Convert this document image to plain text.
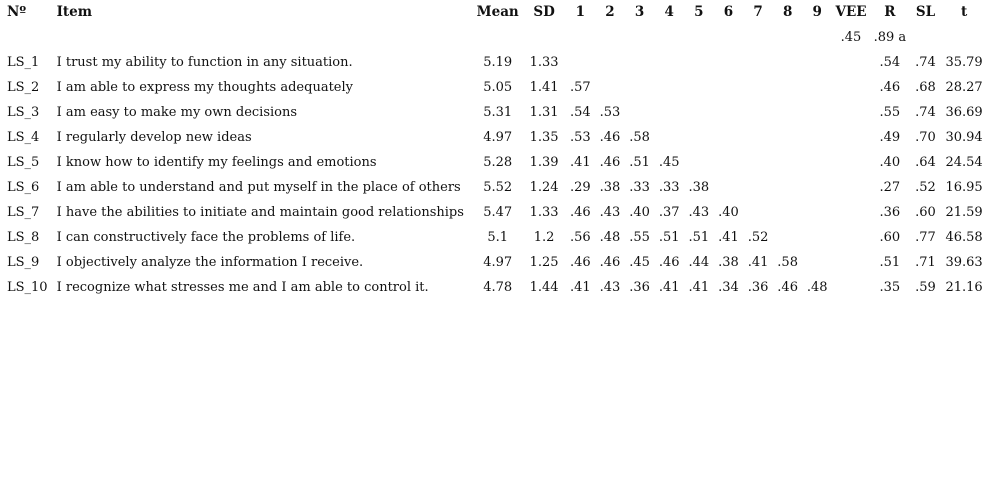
Nº	Item	Mean	SD	1	2	3	4	5	6	7	8	9	VEE	R	SL	t
													.45	.89 a		
LS_1	I trust my ability to function in any situation.	5.19	1.33											.54	.74	35.79
LS_2	I am able to express my thoughts adequately	5.05	1.41	.57										.46	.68	28.27
LS_3	I am easy to make my own decisions	5.31	1.31	.54	.53									.55	.74	36.69
LS_4	I regularly develop new ideas	4.97	1.35	.53	.46	.58								.49	.70	30.94
LS_5	I know how to identify my feelings and emotions	5.28	1.39	.41	.46	.51	.45							.40	.64	24.54
LS_6	I am able to understand and put myself in the place of others	5.52	1.24	.29	.38	.33	.33	.38						.27	.52	16.95
LS_7	I have the abilities to initiate and maintain good relationships	5.47	1.33	.46	.43	.40	.37	.43	.40					.36	.60	21.59
LS_8	I can constructively face the problems of life.	5.1	1.2	.56	.48	.55	.51	.51	.41	.52				.60	.77	46.58
LS_9	I objectively analyze the information I receive.	4.97	1.25	.46	.46	.45	.46	.44	.38	.41	.58			.51	.71	39.63
LS_10	I recognize what stresses me and I am able to control it.	4.78	1.44	.41	.43	.36	.41	.41	.34	.36	.46	.48		.35	.59	21.16
